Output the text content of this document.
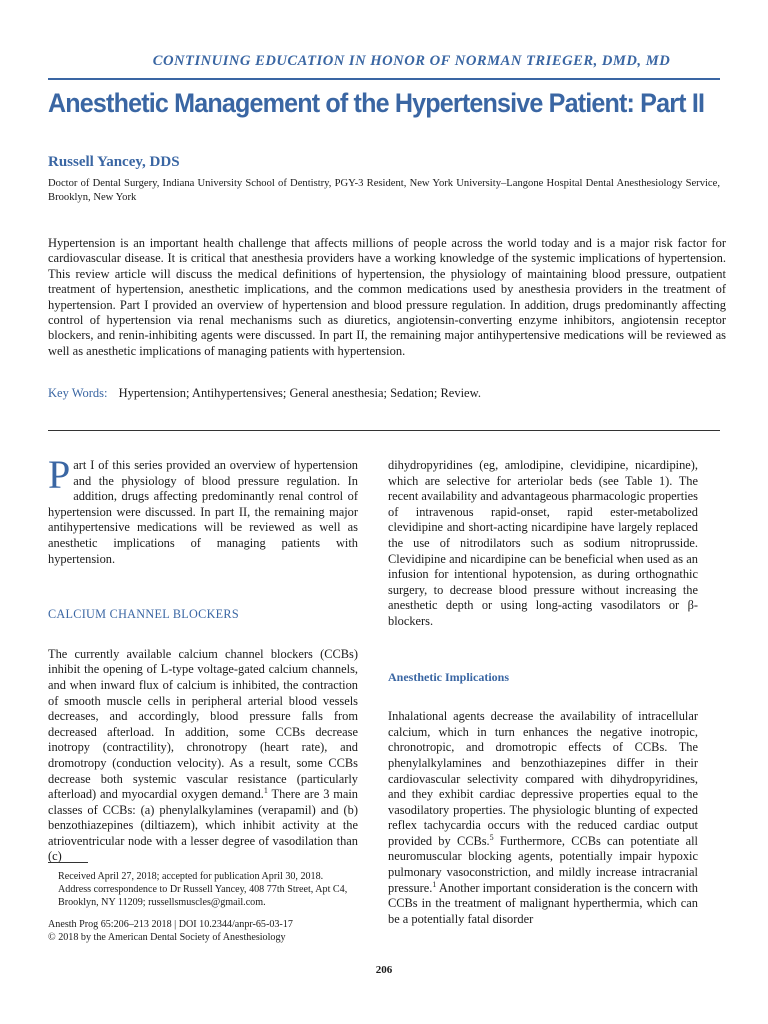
CONTINUING EDUCATION IN HONOR OF NORMAN TRIEGER, DMD, MD
Anesthetic Management of the Hypertensive Patient: Part II
Russell Yancey, DDS
Doctor of Dental Surgery, Indiana University School of Dentistry, PGY-3 Resident, New York University–Langone Hospital Dental Anesthesiology Service, Brooklyn, New York
Hypertension is an important health challenge that affects millions of people across the world today and is a major risk factor for cardiovascular disease. It is critical that anesthesia providers have a working knowledge of the systemic implications of hypertension. This review article will discuss the medical definitions of hypertension, the physiology of maintaining blood pressure, outpatient treatment of hypertension, anesthetic implications, and the common medications used by anesthesia providers in the treatment of hypertension. Part I provided an overview of hypertension and blood pressure regulation. In addition, drugs predominantly affecting control of hypertension via renal mechanisms such as diuretics, angiotensin-converting enzyme inhibitors, angiotensin receptor blockers, and renin-inhibiting agents were discussed. In part II, the remaining major antihypertensive medications will be reviewed as well as anesthetic implications of managing patients with hypertension.
Key Words: Hypertension; Antihypertensives; General anesthesia; Sedation; Review.

Part I of this series provided an overview of hypertension and the physiology of blood pressure regulation. In addition, drugs affecting predominantly renal control of hypertension were discussed. In part II, the remaining major antihypertensive medications will be reviewed as well as anesthetic implications of managing patients with hypertension.

CALCIUM CHANNEL BLOCKERS

The currently available calcium channel blockers (CCBs) inhibit the opening of L-type voltage-gated calcium channels, and when inward flux of calcium is inhibited, the contraction of smooth muscle cells in peripheral arterial blood vessels decreases, and accordingly, blood pressure falls from decreased afterload. In addition, some CCBs decrease inotropy (contractility), chronotropy (heart rate), and dromotropy (conduction velocity). As a result, some CCBs decrease both systemic vascular resistance (particularly afterload) and myocardial oxygen demand.$^1$ There are 3 main classes of CCBs: (a) phenylalkylamines (verapamil) and (b) benzothiazepines (diltiazem), which inhibit activity at the atrioventricular node with a lesser degree of vasodilation than (c)

dihydropyridines (eg, amlodipine, clevidipine, nicardipine), which are selective for arteriolar beds (see Table 1). The recent availability and advantageous pharmacologic properties of intravenous rapid-onset, rapid ester-metabolized clevidipine and short-acting nicardipine have largely replaced the use of nitrodilators such as sodium nitroprusside. Clevidipine and nicardipine can be beneficial when used as an infusion for intentional hypotension, as during orthognathic surgery, to decrease blood pressure without increasing the anesthetic depth or using long-acting vasodilators or β-blockers.

Anesthetic Implications

Inhalational agents decrease the availability of intracellular calcium, which in turn enhances the negative inotropic, chronotropic, and dromotropic effects of CCBs. The phenylalkylamines and benzothiazepines differ in their cardiovascular selectivity compared with dihydropyridines, and they exhibit cardiac depressive properties equal to the vasodilatory properties. The physiologic blunting of expected reflex tachycardia occurs with the reduced cardiac output provided by CCBs.$^5$ Furthermore, CCBs can potentiate all neuromuscular blocking agents, potentially impair hypoxic pulmonary vasoconstriction, and mildly increase intracranial pressure.$^1$ Another important consideration is the concern with CCBs in the treatment of malignant hyperthermia, which can be a potentially fatal disorder

Received April 27, 2018; accepted for publication April 30, 2018.
Address correspondence to Dr Russell Yancey, 408 77th Street, Apt C4, Brooklyn, NY 11209; russellsmuscles@gmail.com.
Anesth Prog 65:206–213 2018 | DOI 10.2344/anpr-65-03-17
© 2018 by the American Dental Society of Anesthesiology
206
